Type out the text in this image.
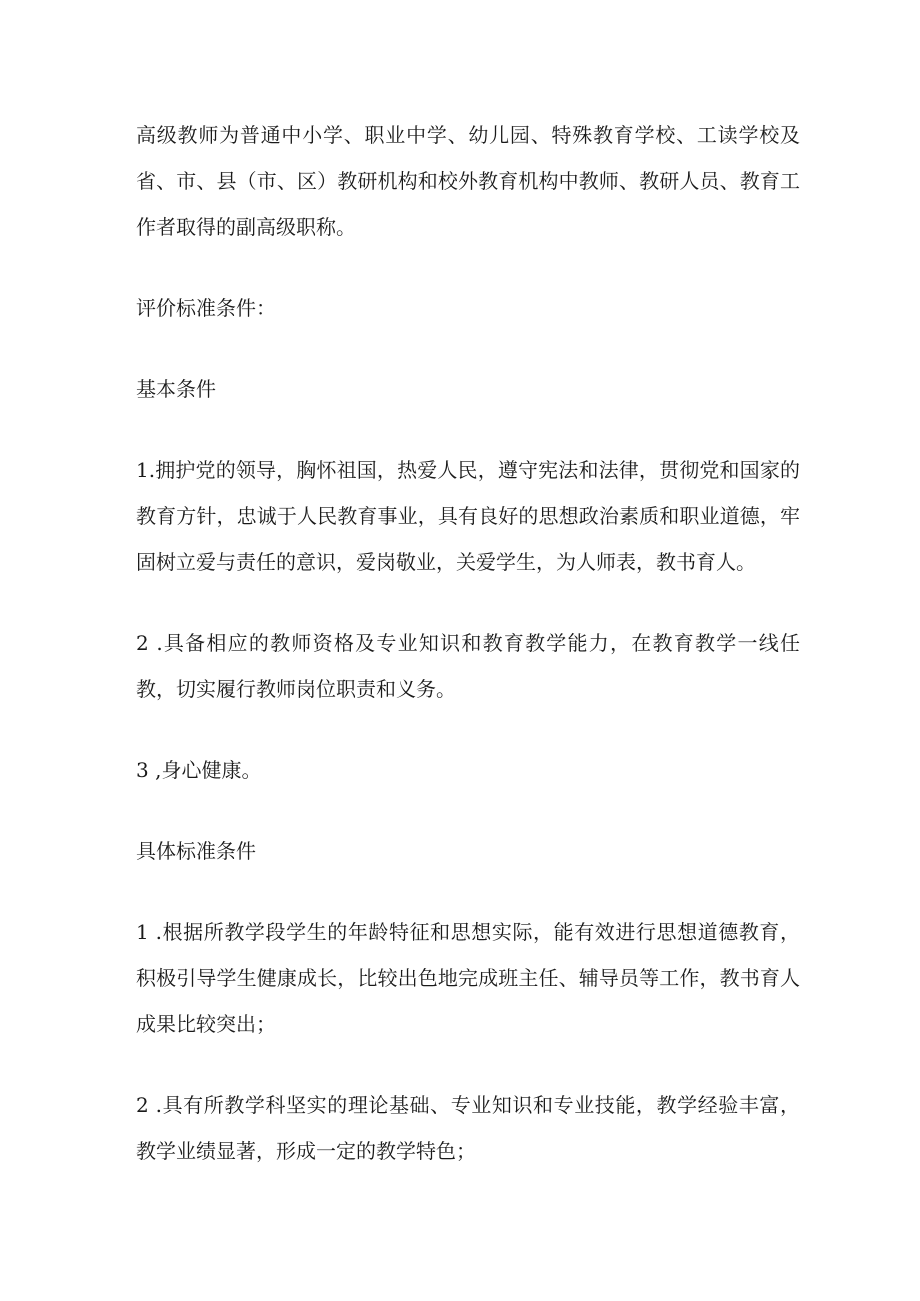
高级教师为普通中小学、职业中学、幼儿园、特殊教育学校、工读学校及省、市、县（市、区）教研机构和校外教育机构中教师、教研人员、教育工作者取得的副高级职称。

评价标准条件：

基本条件

1.拥护党的领导，胸怀祖国，热爱人民，遵守宪法和法律，贯彻党和国家的教育方针，忠诚于人民教育事业，具有良好的思想政治素质和职业道德，牢固树立爱与责任的意识，爱岗敬业，关爱学生，为人师表，教书育人。

2 .具备相应的教师资格及专业知识和教育教学能力，在教育教学一线任教，切实履行教师岗位职责和义务。

3 ,身心健康。

具体标准条件

1 .根据所教学段学生的年龄特征和思想实际，能有效进行思想道德教育，积极引导学生健康成长，比较出色地完成班主任、辅导员等工作，教书育人成果比较突出；

2 .具有所教学科坚实的理论基础、专业知识和专业技能，教学经验丰富，教学业绩显著，形成一定的教学特色；
